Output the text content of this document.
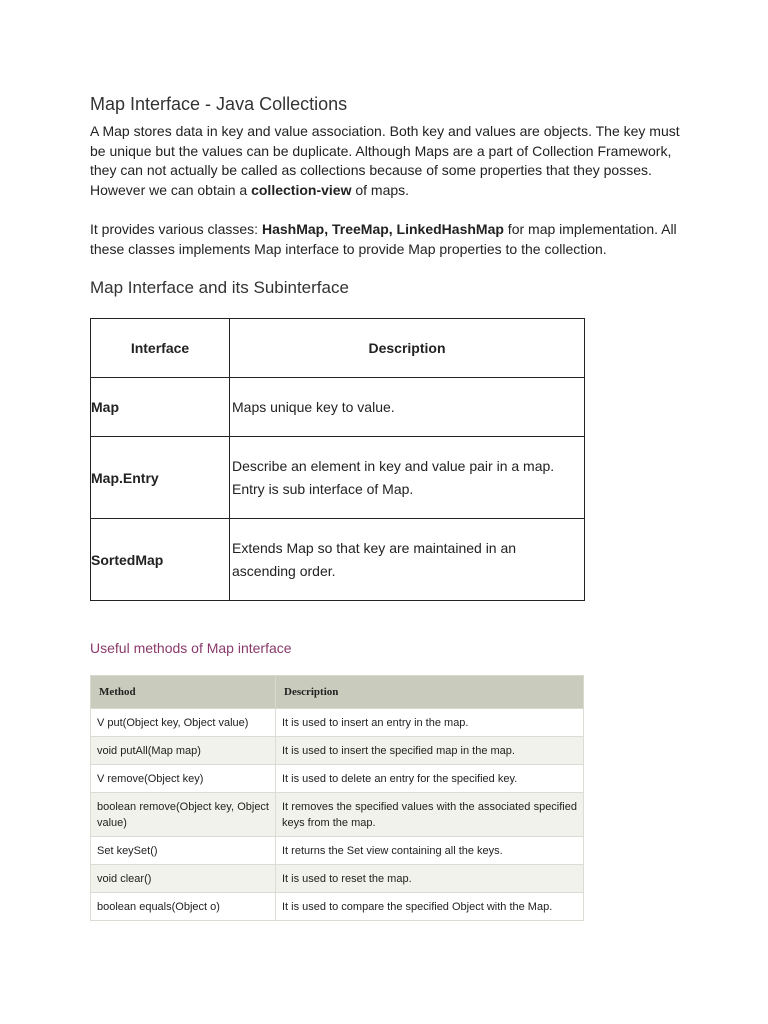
Map Interface - Java Collections

A Map stores data in key and value association. Both key and values are objects. The key must be unique but the values can be duplicate. Although Maps are a part of Collection Framework, they can not actually be called as collections because of some properties that they posses. However we can obtain a collection-view of maps.

It provides various classes: HashMap, TreeMap, LinkedHashMap for map implementation. All these classes implements Map interface to provide Map properties to the collection.

Map Interface and its Subinterface
Interface	Description
Map	Maps unique key to value.
Map.Entry	Describe an element in key and value pair in a map. Entry is sub interface of Map.
SortedMap	Extends Map so that key are maintained in an ascending order.
Useful methods of Map interface
Method	Description
V put(Object key, Object value)	It is used to insert an entry in the map.
void putAll(Map map)	It is used to insert the specified map in the map.
V remove(Object key)	It is used to delete an entry for the specified key.
boolean remove(Object key, Object value)	It removes the specified values with the associated specified keys from the map.
Set keySet()	It returns the Set view containing all the keys.
void clear()	It is used to reset the map.
boolean equals(Object o)	It is used to compare the specified Object with the Map.
